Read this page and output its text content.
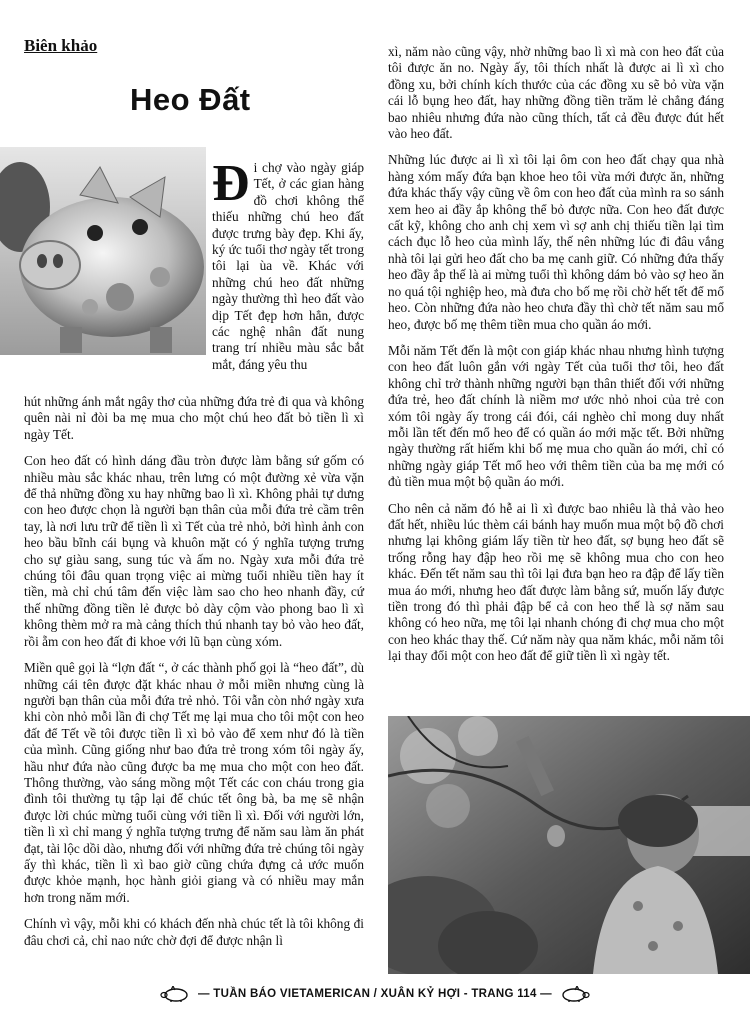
Biên khảo
Heo Đất
Đi chợ vào ngày giáp Tết, ở các gian hàng đồ chơi không thể thiếu những chú heo đất được trưng bày đẹp. Khi ấy, ký ức tuổi thơ ngày tết trong tôi lại ùa về. Khác với những chú heo đất những ngày thường thì heo đất vào dịp Tết đẹp hơn hẳn, được các nghệ nhân đất nung trang trí nhiều màu sắc bắt mắt, đáng yêu thu

hút những ánh mắt ngây thơ của những đứa trẻ đi qua và không quên nài nỉ đòi ba mẹ mua cho một chú heo đất bỏ tiền lì xì ngày Tết.

Con heo đất có hình dáng đầu tròn được làm bằng sứ gốm có nhiều màu sắc khác nhau, trên lưng có một đường xẻ vừa vặn để thả những đồng xu hay những bao lì xì. Không phải tự dưng con heo được chọn là người bạn thân của mỗi đứa trẻ cầm trên tay, là nơi lưu trữ để tiền lì xì Tết của trẻ nhỏ, bởi hình ảnh con heo bầu bĩnh cái bụng và khuôn mặt có ý nghĩa tượng trưng cho sự giàu sang, sung túc và ấm no. Ngày xưa mỗi đứa trẻ chúng tôi đâu quan trọng việc ai mừng tuổi nhiều tiền hay ít tiền, mà chỉ chú tâm đến việc làm sao cho heo nhanh đầy, cứ thế những đồng tiền lẻ được bỏ dày cộm vào phong bao lì xì không thèm mở ra mà cảng thích thú nhanh tay bỏ vào heo đất, rồi ẵm con heo đất đi khoe với lũ bạn cùng xóm.

Miền quê gọi là “lợn đất “, ở các thành phố gọi là “heo đất”, dù những cái tên được đặt khác nhau ở mỗi miền nhưng cùng là người bạn thân của mỗi đứa trẻ nhỏ. Tôi vẫn còn nhớ ngày xưa khi còn nhỏ mỗi lần đi chợ Tết mẹ lại mua cho tôi một con heo đất để Tết về tôi được tiền lì xì bỏ vào để xem như đó là tiền của mình. Cũng giống như bao đứa trẻ trong xóm tôi ngày ấy, hầu như đứa nào cũng được ba mẹ mua cho một con heo đất. Thông thường, vào sáng mồng một Tết các con cháu trong gia đình tôi thường tụ tập lại để chúc tết ông bà, ba mẹ sẽ nhận được lời chúc mừng tuổi cùng với tiền lì xì. Đối với người lớn, tiền lì xì chỉ mang ý nghĩa tượng trưng để năm sau làm ăn phát đạt, tài lộc dồi dào, nhưng đối với những đứa trẻ chúng tôi ngày ấy thì khác, tiền lì xì bao giờ cũng chứa đựng cả ước muốn được khỏe mạnh, học hành giỏi giang và có nhiều may mắn hơn trong năm mới.

Chính vì vậy, mỗi khi có khách đến nhà chúc tết là tôi không đi đâu chơi cả, chỉ nao nức chờ đợi để được nhận lì

xì, năm nào cũng vậy, nhờ những bao lì xì mà con heo đất của tôi được ăn no. Ngày ấy, tôi thích nhất là được ai lì xì cho đồng xu, bởi chính kích thước của các đồng xu sẽ bỏ vừa vặn cái lỗ bụng heo đất, hay những đồng tiền trăm lẻ chẳng đáng bao nhiêu nhưng đứa nào cũng thích, tất cả đều được đút hết vào heo đất.

Những lúc được ai lì xì tôi lại ôm con heo đất chạy qua nhà hàng xóm mấy đứa bạn khoe heo tôi vừa mới được ăn, những đứa khác thấy vậy cũng về ôm con heo đất của mình ra so sánh xem heo ai đầy ắp không thể bỏ được nữa. Con heo đất được cất kỹ, không cho anh chị xem vì sợ anh chị thiếu tiền lại tìm cách đục lỗ heo của mình lấy, thế nên những lúc đi đâu vắng nhà tôi lại gửi heo đất cho ba mẹ canh giữ. Có những đứa thấy heo đầy ắp thế là ai mừng tuổi thì không dám bỏ vào sợ heo ăn no quá tội nghiệp heo, mà đưa cho bố mẹ rồi chờ hết tết để mổ heo. Còn những đứa nào heo chưa đầy thì chờ tết năm sau mổ heo, được bố mẹ thêm tiền mua cho quần áo mới.

Mỗi năm Tết đến là một con giáp khác nhau nhưng hình tượng con heo đất luôn gắn với ngày Tết của tuổi thơ tôi, heo đất không chỉ trở thành những người bạn thân thiết đối với những đứa trẻ, heo đất chính là niềm mơ ước nhỏ nhoi của trẻ con xóm tôi ngày ấy trong cái đói, cái nghèo chỉ mong duy nhất mỗi lần tết đến mổ heo để có quần áo mới mặc tết. Bởi những ngày thường rất hiếm khi bố mẹ mua cho quần áo mới, chỉ có những ngày giáp Tết mổ heo với thêm tiền của ba mẹ mới có đủ tiền mua một bộ quần áo mới.

Cho nên cả năm đó hễ ai lì xì được bao nhiêu là thả vào heo đất hết, nhiều lúc thèm cái bánh hay muốn mua một bộ đồ chơi nhưng lại không giám lấy tiền từ heo đất, sợ bụng heo đất sẽ trống rỗng hay đập heo rồi mẹ sẽ không mua cho con heo khác. Đến tết năm sau thì tôi lại đưa bạn heo ra đập để lấy tiền mua áo mới, nhưng heo đất được làm bằng sứ, muốn lấy được tiền trong đó thì phải đập bể cả con heo thế là sợ năm sau không có heo nữa, mẹ tôi lại nhanh chóng đi chợ mua cho một con heo khác thay thế. Cứ năm này qua năm khác, mỗi năm tôi lại thay đổi một con heo đất để giữ tiền lì xì ngày tết.

— TUẦN BÁO VIETAMERICAN / XUÂN KỶ HỢI - TRANG 114 —
